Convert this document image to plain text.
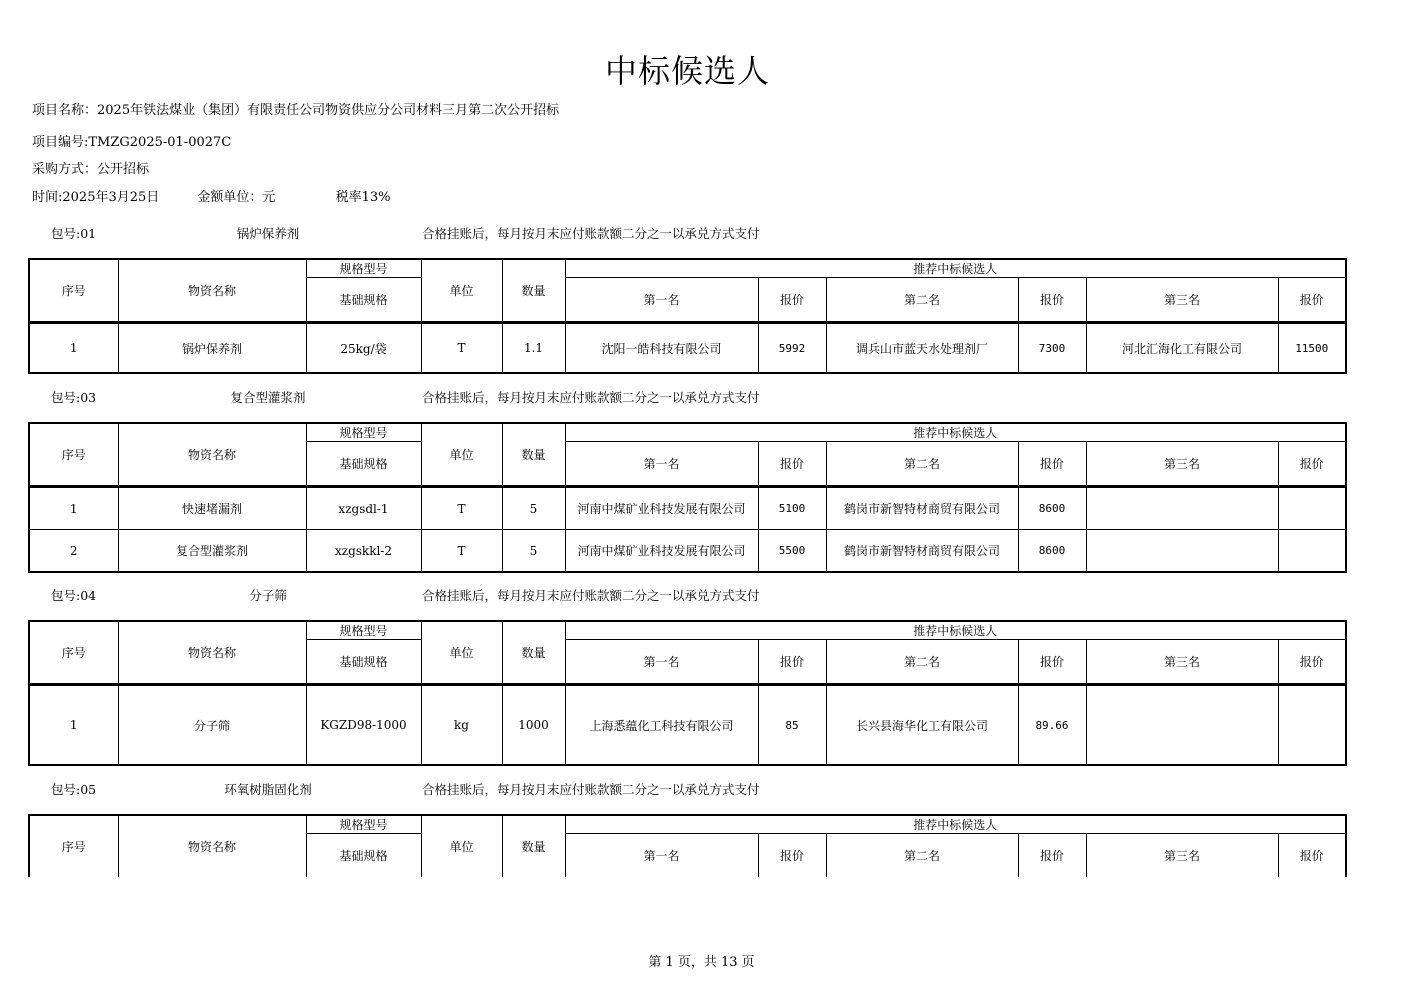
中标候选人
项目名称：2025年铁法煤业（集团）有限责任公司物资供应分公司材料三月第二次公开招标
项目编号:TMZG2025-01-0027C
采购方式：公开招标
时间:2025年3月25日	金额单位：元	税率13%
包号:01	锅炉保养剂	合格挂账后，每月按月末应付账款额二分之一以承兑方式支付
序号	物资名称	规格型号	单位	数量	推荐中标候选人					
		基础规格			第一名	报价	第二名	报价	第三名	报价
1	锅炉保养剂	25kg/袋	T	1.1	沈阳一皓科技有限公司	5992	调兵山市蓝天水处理剂厂	7300	河北汇海化工有限公司	11500
包号:03	复合型灌浆剂	合格挂账后，每月按月末应付账款额二分之一以承兑方式支付
序号	物资名称	规格型号	单位	数量	推荐中标候选人					
		基础规格			第一名	报价	第二名	报价	第三名	报价
1	快速堵漏剂	xzgsdl-1	T	5	河南中煤矿业科技发展有限公司	5100	鹤岗市新智特材商贸有限公司	8600		
2	复合型灌浆剂	xzgskkl-2	T	5	河南中煤矿业科技发展有限公司	5500	鹤岗市新智特材商贸有限公司	8600		
包号:04	分子筛	合格挂账后，每月按月末应付账款额二分之一以承兑方式支付
序号	物资名称	规格型号	单位	数量	推荐中标候选人					
		基础规格			第一名	报价	第二名	报价	第三名	报价
1	分子筛	KGZD98-1000	kg	1000	上海悉蕴化工科技有限公司	85	长兴县海华化工有限公司	89.66		
包号:05	环氧树脂固化剂	合格挂账后，每月按月末应付账款额二分之一以承兑方式支付
序号	物资名称	规格型号	单位	数量	推荐中标候选人					
		基础规格			第一名	报价	第二名	报价	第三名	报价
第 1 页，共 13 页
